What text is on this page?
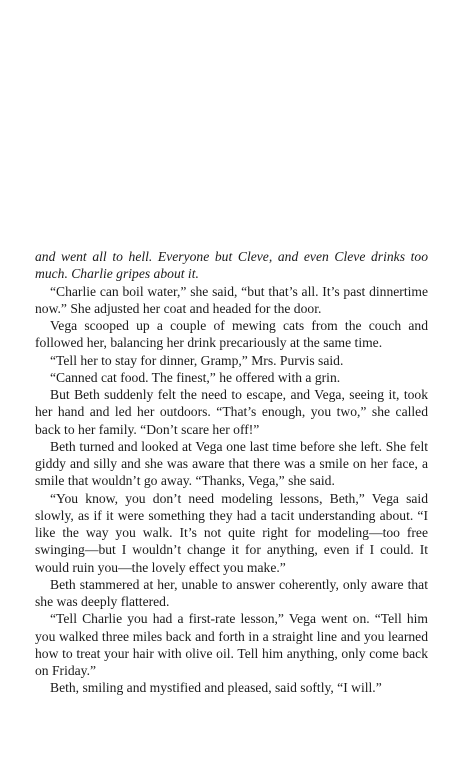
and went all to hell. Everyone but Cleve, and even Cleve drinks too much. Charlie gripes about it.

“Charlie can boil water,” she said, “but that’s all. It’s past dinnertime now.” She adjusted her coat and headed for the door.

Vega scooped up a couple of mewing cats from the couch and followed her, balancing her drink precariously at the same time.

“Tell her to stay for dinner, Gramp,” Mrs. Purvis said.

“Canned cat food. The finest,” he offered with a grin.

But Beth suddenly felt the need to escape, and Vega, seeing it, took her hand and led her outdoors. “That’s enough, you two,” she called back to her family. “Don’t scare her off!”

Beth turned and looked at Vega one last time before she left. She felt giddy and silly and she was aware that there was a smile on her face, a smile that wouldn’t go away. “Thanks, Vega,” she said.

“You know, you don’t need modeling lessons, Beth,” Vega said slowly, as if it were something they had a tacit understanding about. “I like the way you walk. It’s not quite right for modeling—too free swinging—but I wouldn’t change it for anything, even if I could. It would ruin you—the lovely effect you make.”

Beth stammered at her, unable to answer coherently, only aware that she was deeply flattered.

“Tell Charlie you had a first-rate lesson,” Vega went on. “Tell him you walked three miles back and forth in a straight line and you learned how to treat your hair with olive oil. Tell him anything, only come back on Friday.”

Beth, smiling and mystified and pleased, said softly, “I will.”
